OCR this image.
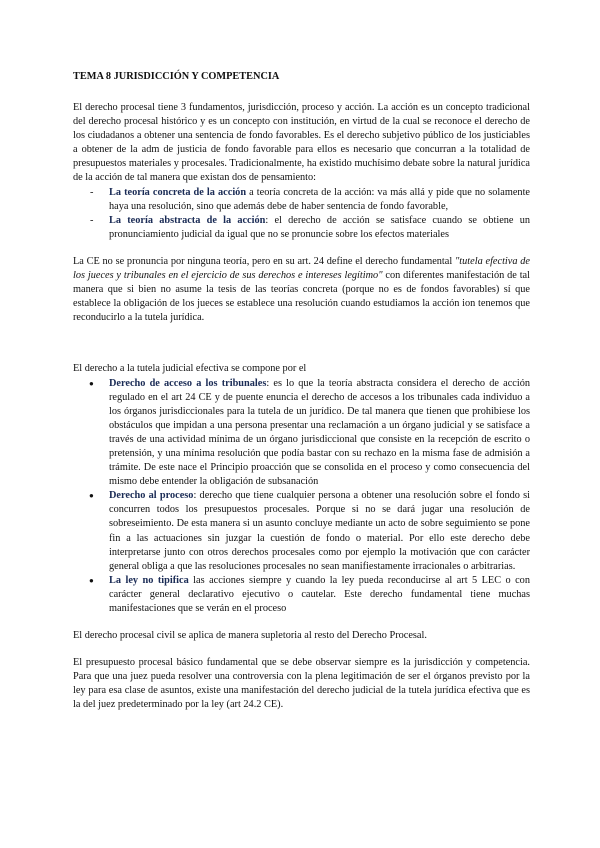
TEMA 8 JURISDICCIÓN Y COMPETENCIA

El derecho procesal tiene 3 fundamentos, jurisdicción, proceso y acción. La acción es un concepto tradicional del derecho procesal histórico y es un concepto con institución, en virtud de la cual se reconoce el derecho de los ciudadanos a obtener una sentencia de fondo favorables. Es el derecho subjetivo público de los justiciables a obtener de la adm de justicia de fondo favorable para ellos es necesario que concurran a la totalidad de presupuestos materiales y procesales. Tradicionalmente, ha existido muchísimo debate sobre la natural jurídica de la acción de tal manera que existan dos de pensamiento:

- La teoría concreta de la acción a teoría concreta de la acción: va más allá y pide que no solamente haya una resolución, sino que además debe de haber sentencia de fondo favorable,
- La teoría abstracta de la acción: el derecho de acción se satisface cuando se obtiene un pronunciamiento judicial da igual que no se pronuncie sobre los efectos materiales

La CE no se pronuncia por ninguna teoría, pero en su art. 24 define el derecho fundamental "tutela efectiva de los jueces y tribunales en el ejercicio de sus derechos e intereses legítimo" con diferentes manifestación de tal manera que si bien no asume la tesis de las teorías concreta (porque no es de fondos favorables) sí que establece la obligación de los jueces se establece una resolución cuando estudiamos la acción ion tenemos que reconducirlo a la tutela jurídica.

El derecho a la tutela judicial efectiva se compone por el

● Derecho de acceso a los tribunales: es lo que la teoría abstracta considera el derecho de acción regulado en el art 24 CE y de puente enuncia el derecho de accesos a los tribunales cada individuo a los órganos jurisdiccionales para la tutela de un jurídico. De tal manera que tienen que prohibiese los obstáculos que impidan a una persona presentar una reclamación a un órgano judicial y se satisface a través de una actividad mínima de un órgano jurisdiccional que consiste en la recepción de escrito o pretensión, y una mínima resolución que podía bastar con su rechazo en la misma fase de admisión a trámite. De este nace el Principio proacción que se consolida en el proceso y como consecuencia del mismo debe entender la obligación de subsanación
● Derecho al proceso: derecho que tiene cualquier persona a obtener una resolución sobre el fondo si concurren todos los presupuestos procesales. Porque si no se dará jugar una resolución de sobreseimiento. De esta manera si un asunto concluye mediante un acto de sobre seguimiento se pone fin a las actuaciones sin juzgar la cuestión de fondo o material. Por ello este derecho debe interpretarse junto con otros derechos procesales como por ejemplo la motivación que con carácter general obliga a que las resoluciones procesales no sean manifiestamente irracionales o arbitrarias.
● La ley no tipifica las acciones siempre y cuando la ley pueda reconducirse al art 5 LEC o con carácter general declarativo ejecutivo o cautelar. Este derecho fundamental tiene muchas manifestaciones que se verán en el proceso

El derecho procesal civil se aplica de manera supletoria al resto del Derecho Procesal.

El presupuesto procesal básico fundamental que se debe observar siempre es la jurisdicción y competencia. Para que una juez pueda resolver una controversia con la plena legitimación de ser el órganos previsto por la ley para esa clase de asuntos, existe una manifestación del derecho judicial de la tutela jurídica efectiva que es la del juez predeterminado por la ley (art 24.2 CE).
